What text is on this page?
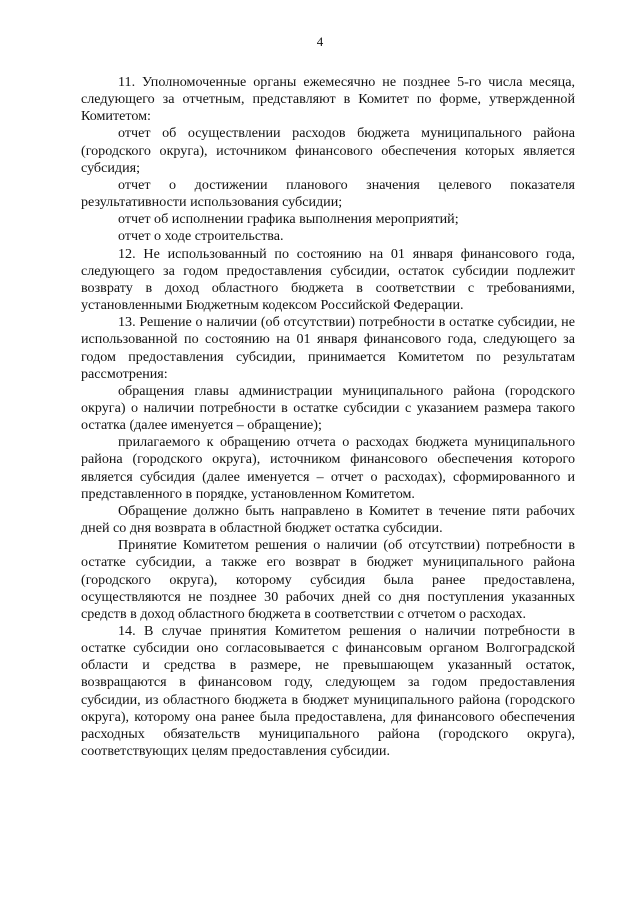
4

11. Уполномоченные органы ежемесячно не позднее 5-го числа месяца, следующего за отчетным, представляют в Комитет по форме, утвержденной Комитетом:

отчет об осуществлении расходов бюджета муниципального района (городского округа), источником финансового обеспечения которых является субсидия;

отчет о достижении планового значения целевого показателя результативности использования субсидии;

отчет об исполнении графика выполнения мероприятий;

отчет о ходе строительства.

12. Не использованный по состоянию на 01 января финансового года, следующего за годом предоставления субсидии, остаток субсидии подлежит возврату в доход областного бюджета в соответствии с требованиями, установленными Бюджетным кодексом Российской Федерации.

13. Решение о наличии (об отсутствии) потребности в остатке субсидии, не использованной по состоянию на 01 января финансового года, следующего за годом предоставления субсидии, принимается Комитетом по результатам рассмотрения:

обращения главы администрации муниципального района (городского округа) о наличии потребности в остатке субсидии с указанием размера такого остатка (далее именуется – обращение);

прилагаемого к обращению отчета о расходах бюджета муниципального района (городского округа), источником финансового обеспечения которого является субсидия (далее именуется – отчет о расходах), сформированного и представленного в порядке, установленном Комитетом.

Обращение должно быть направлено в Комитет в течение пяти рабочих дней со дня возврата в областной бюджет остатка субсидии.

Принятие Комитетом решения о наличии (об отсутствии) потребности в остатке субсидии, а также его возврат в бюджет муниципального района (городского округа), которому субсидия была ранее предоставлена, осуществляются не позднее 30 рабочих дней со дня поступления указанных средств в доход областного бюджета в соответствии с отчетом о расходах.

14. В случае принятия Комитетом решения о наличии потребности в остатке субсидии оно согласовывается с финансовым органом Волгоградской области и средства в размере, не превышающем указанный остаток, возвращаются в финансовом году, следующем за годом предоставления субсидии, из областного бюджета в бюджет муниципального района (городского округа), которому она ранее была предоставлена, для финансового обеспечения расходных обязательств муниципального района (городского округа), соответствующих целям предоставления субсидии.
